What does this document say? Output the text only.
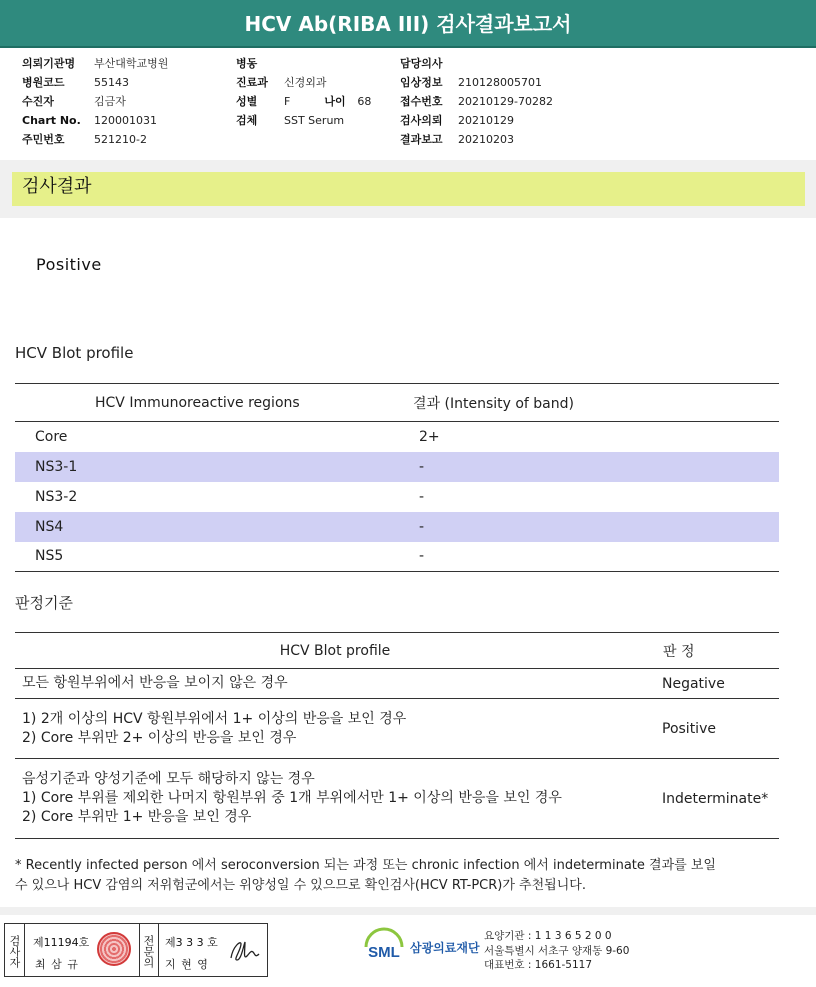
HCV Ab(RIBA III) 검사결과보고서
의뢰기관명	부산대학교병원
병원코드	55143
수진자	김금자
Chart No.	120001031
주민번호	521210-2
병동
진료과	신경외과
성별	F	나이	68
검체	SST Serum
담당의사
임상정보	210128005701
접수번호	20210129-70282
검사의뢰	20210129
결과보고	20210203
검사결과
Positive
HCV Blot profile
HCV Immunoreactive regions	결과 (Intensity of band)
Core	2+
NS3-1	-
NS3-2	-
NS4	-
NS5	-
판정기준
HCV Blot profile	판 정

모든 항원부위에서 반응을 보이지 않은 경우	Negative

1) 2개 이상의 HCV 항원부위에서 1+ 이상의 반응을 보인 경우
2) Core 부위만 2+ 이상의 반응을 보인 경우	Positive

음성기준과 양성기준에 모두 해당하지 않는 경우
1) Core 부위를 제외한 나머지 항원부위 중 1개 부위에서만 1+ 이상의 반응을 보인 경우
2) Core 부위만 1+ 반응을 보인 경우	Indeterminate*
* Recently infected person 에서 seroconversion 되는 과정 또는 chronic infection 에서 indeterminate 결과를 보일
수 있으나 HCV 감염의 저위험군에서는 위양성일 수 있으므로 확인검사(HCV RT-PCR)가 추천됩니다.
검사자	제11194호
최 삼 규	전문의 제3 3 3 호
지 현 영
SML 삼광의료재단
요양기관 : 1 1 3 6 5 2 0 0
서울특별시 서초구 양재동 9-60
대표번호 : 1661-5117
